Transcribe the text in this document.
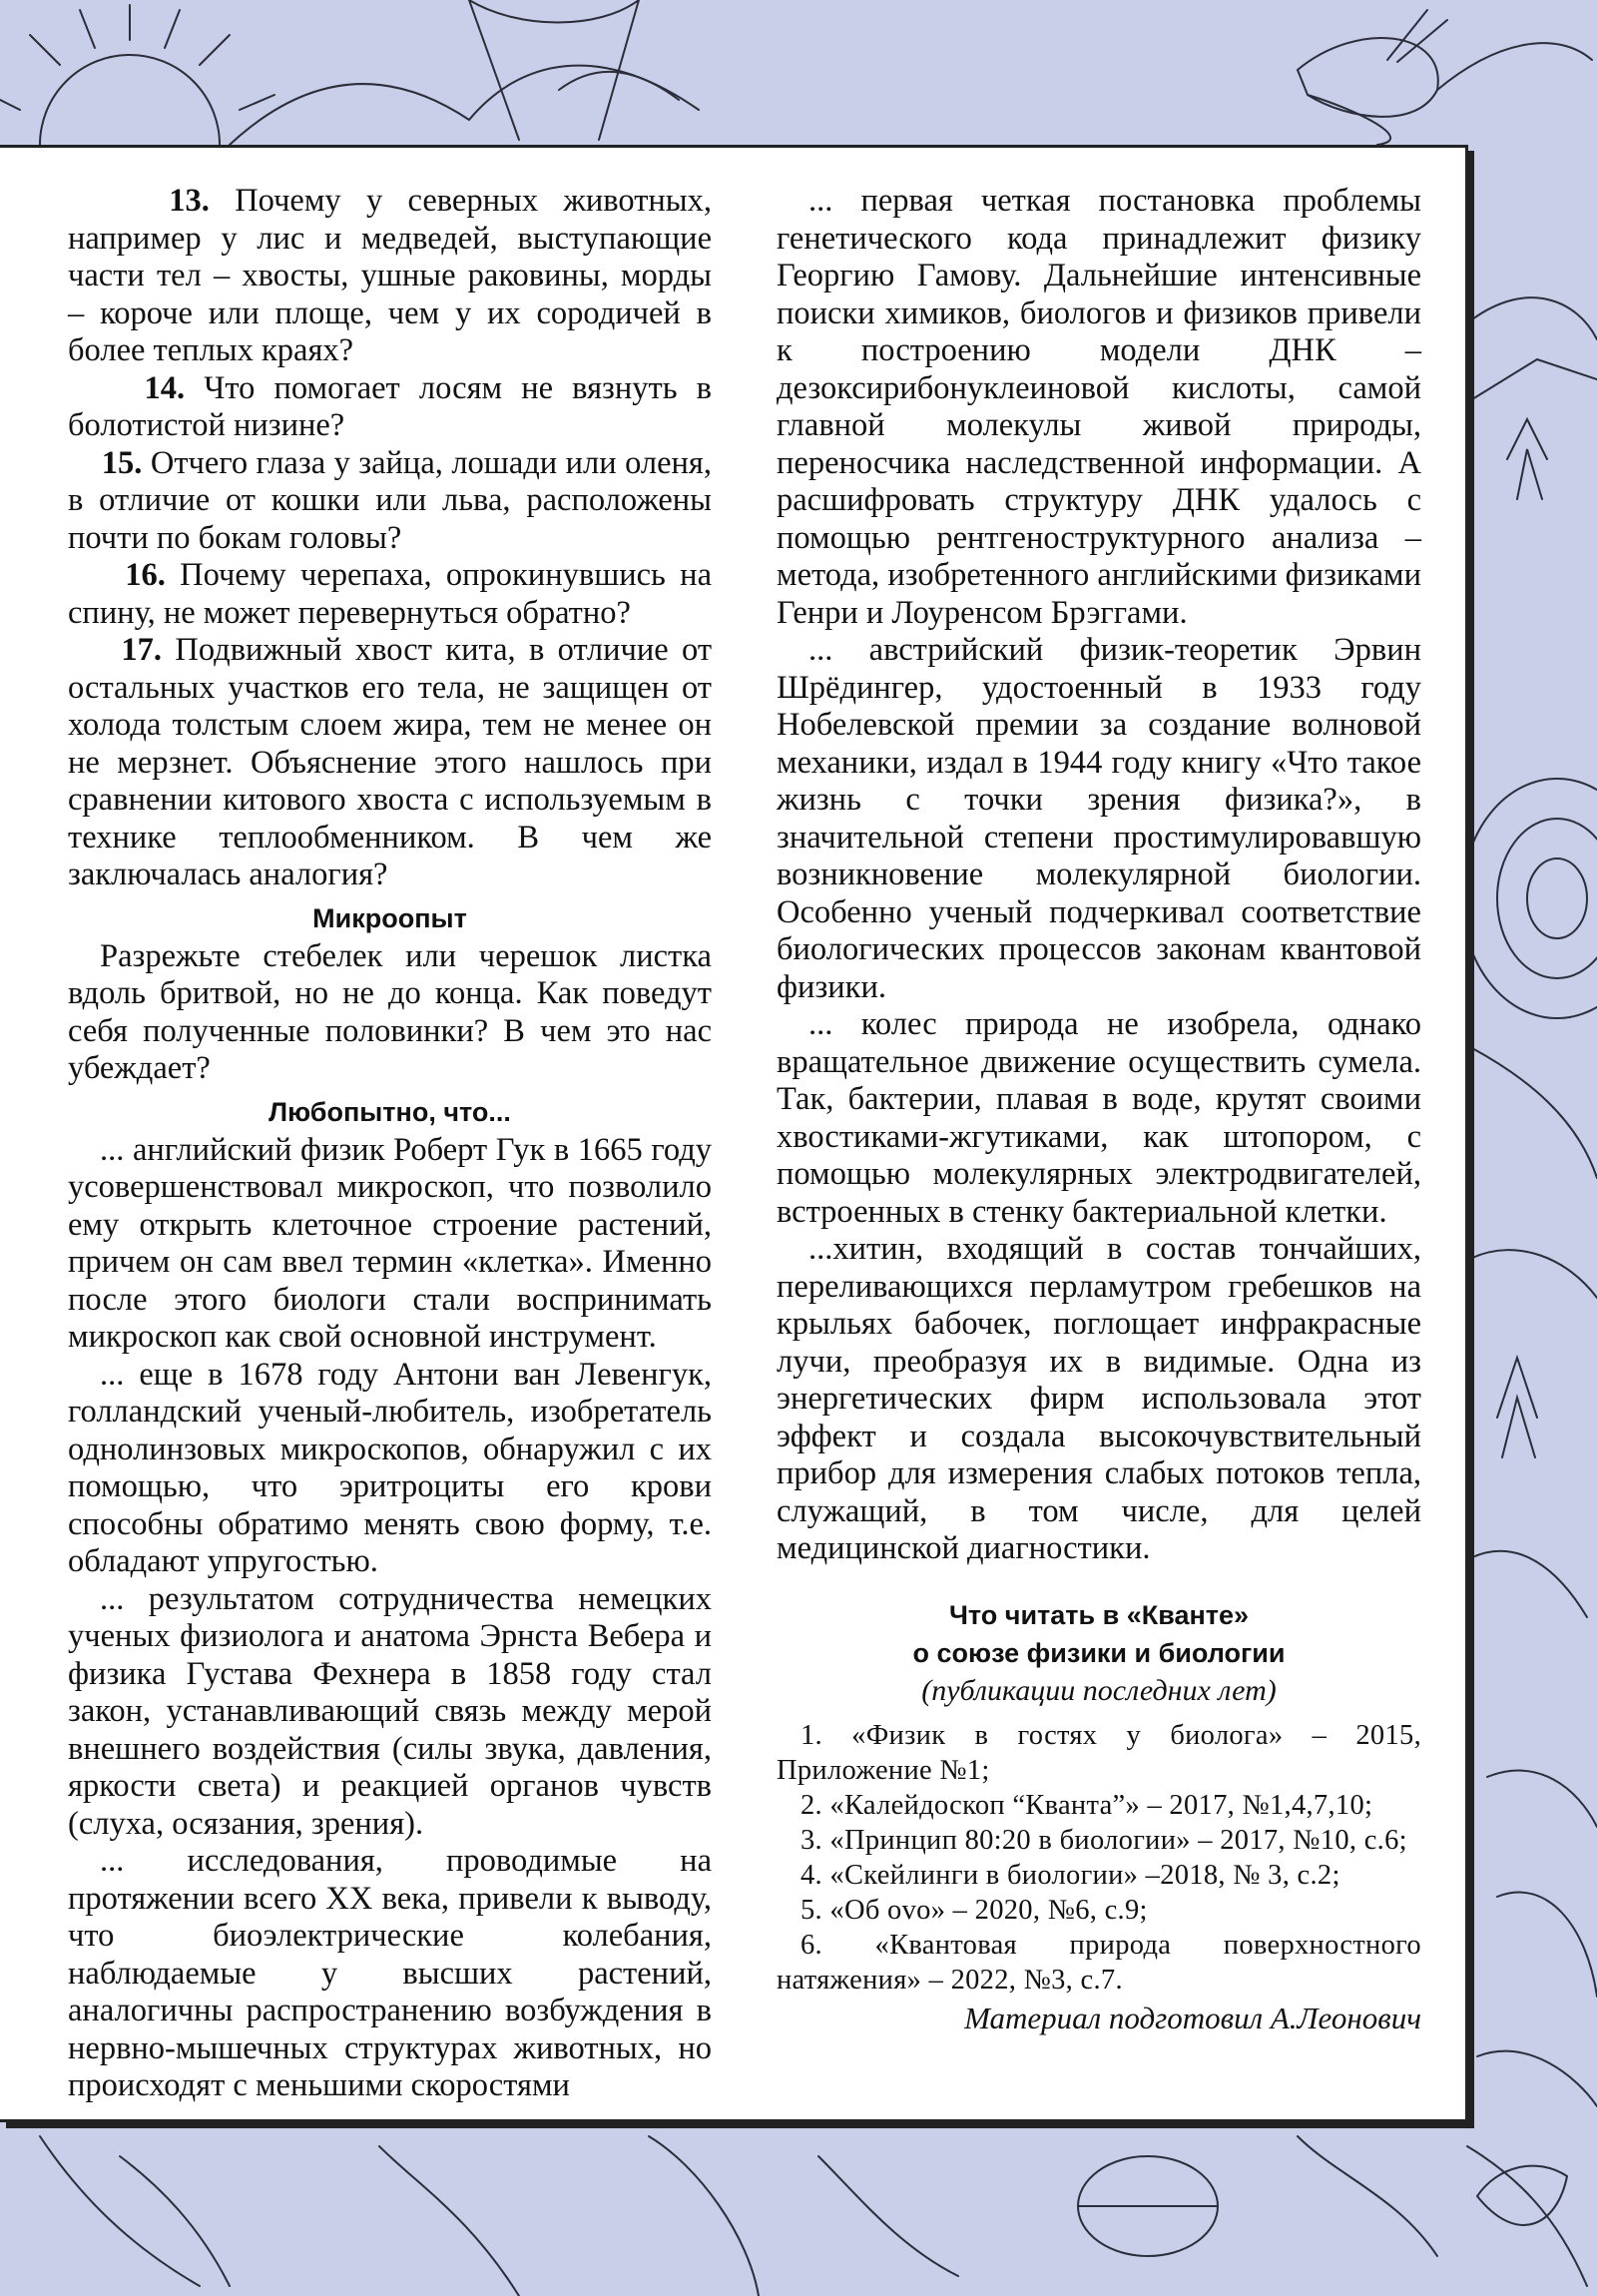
13. Почему у северных животных, например у лис и медведей, выступающие части тел – хвосты, ушные раковины, морды – короче или площе, чем у их сородичей в более теплых краях?

14. Что помогает лосям не вязнуть в болотистой низине?

15. Отчего глаза у зайца, лошади или оленя, в отличие от кошки или льва, расположены почти по бокам головы?

16. Почему черепаха, опрокинувшись на спину, не может перевернуться обратно?

17. Подвижный хвост кита, в отличие от остальных участков его тела, не защищен от холода толстым слоем жира, тем не менее он не мерзнет. Объяснение этого нашлось при сравнении китового хвоста с используемым в технике теплообменником. В чем же заключалась аналогия?

Микроопыт

Разрежьте стебелек или черешок листка вдоль бритвой, но не до конца. Как поведут себя полученные половинки? В чем это нас убеждает?

Любопытно, что...

... английский физик Роберт Гук в 1665 году усовершенствовал микроскоп, что позволило ему открыть клеточное строение растений, причем он сам ввел термин «клетка». Именно после этого биологи стали воспринимать микроскоп как свой основной инструмент.

... еще в 1678 году Антони ван Левенгук, голландский ученый-любитель, изобретатель однолинзовых микроскопов, обнаружил с их помощью, что эритроциты его крови способны обратимо менять свою форму, т.е. обладают упругостью.

... результатом сотрудничества немецких ученых физиолога и анатома Эрнста Вебера и физика Густава Фехнера в 1858 году стал закон, устанавливающий связь между мерой внешнего воздействия (силы звука, давления, яркости света) и реакцией органов чувств (слуха, осязания, зрения).

... исследования, проводимые на протяжении всего XX века, привели к выводу, что биоэлектрические колебания, наблюдаемые у высших растений, аналогичны распространению возбуждения в нервно-мышечных структурах животных, но происходят с меньшими скоростями

... первая четкая постановка проблемы генетического кода принадлежит физику Георгию Гамову. Дальнейшие интенсивные поиски химиков, биологов и физиков привели к построению модели ДНК – дезоксирибонуклеиновой кислоты, самой главной молекулы живой природы, переносчика наследственной информации. А расшифровать структуру ДНК удалось с помощью рентгеноструктурного анализа – метода, изобретенного английскими физиками Генри и Лоуренсом Брэггами.

... австрийский физик-теоретик Эрвин Шрёдингер, удостоенный в 1933 году Нобелевской премии за создание волновой механики, издал в 1944 году книгу «Что такое жизнь с точки зрения физика?», в значительной степени простимулировавшую возникновение молекулярной биологии. Особенно ученый подчеркивал соответствие биологических процессов законам квантовой физики.

... колес природа не изобрела, однако вращательное движение осуществить сумела. Так, бактерии, плавая в воде, крутят своими хвостиками-жгутиками, как штопором, с помощью молекулярных электродвигателей, встроенных в стенку бактериальной клетки.

...хитин, входящий в состав тончайших, переливающихся перламутром гребешков на крыльях бабочек, поглощает инфракрасные лучи, преобразуя их в видимые. Одна из энергетических фирм использовала этот эффект и создала высокочувствительный прибор для измерения слабых потоков тепла, служащий, в том числе, для целей медицинской диагностики.

Что читать в «Кванте»
о союзе физики и биологии
(публикации последних лет)

1. «Физик в гостях у биолога» – 2015, Приложение №1;

2. «Калейдоскоп “Кванта”» – 2017, №1,4,7,10;

3. «Принцип 80:20 в биологии» – 2017, №10, с.6;

4. «Скейлинги в биологии» –2018, № 3, с.2;

5. «Об ovo» – 2020, №6, с.9;

6. «Квантовая природа поверхностного натяжения» – 2022, №3, с.7.

Материал подготовил А.Леонович
